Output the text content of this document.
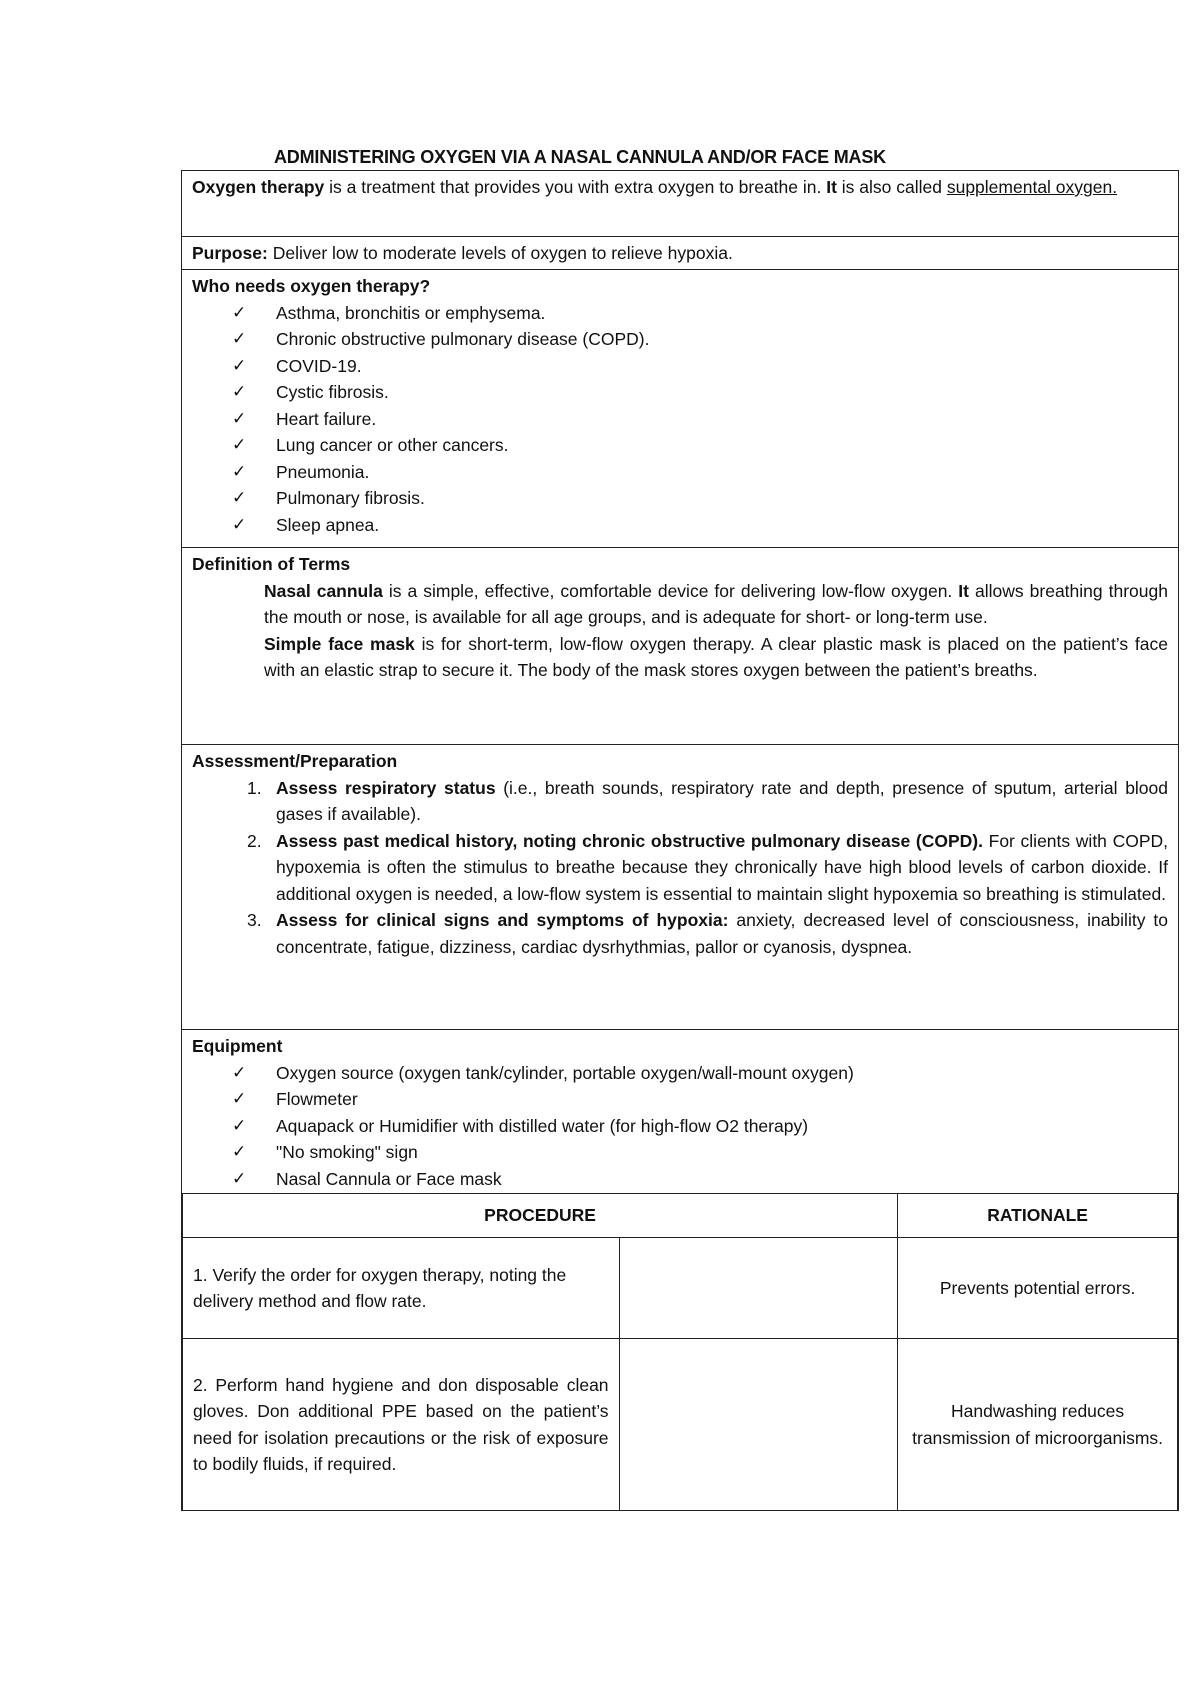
ADMINISTERING OXYGEN VIA A NASAL CANNULA AND/OR FACE MASK
Oxygen therapy is a treatment that provides you with extra oxygen to breathe in. It is also called supplemental oxygen.
Purpose: Deliver low to moderate levels of oxygen to relieve hypoxia.
Who needs oxygen therapy?
✓ Asthma, bronchitis or emphysema.
✓ Chronic obstructive pulmonary disease (COPD).
✓ COVID-19.
✓ Cystic fibrosis.
✓ Heart failure.
✓ Lung cancer or other cancers.
✓ Pneumonia.
✓ Pulmonary fibrosis.
✓ Sleep apnea.
Definition of Terms
Nasal cannula is a simple, effective, comfortable device for delivering low-flow oxygen. It allows breathing through the mouth or nose, is available for all age groups, and is adequate for short- or long-term use.
Simple face mask is for short-term, low-flow oxygen therapy. A clear plastic mask is placed on the patient’s face with an elastic strap to secure it. The body of the mask stores oxygen between the patient’s breaths.
Assessment/Preparation
1. Assess respiratory status (i.e., breath sounds, respiratory rate and depth, presence of sputum, arterial blood gases if available).
2. Assess past medical history, noting chronic obstructive pulmonary disease (COPD). For clients with COPD, hypoxemia is often the stimulus to breathe because they chronically have high blood levels of carbon dioxide. If additional oxygen is needed, a low-flow system is essential to maintain slight hypoxemia so breathing is stimulated.
3. Assess for clinical signs and symptoms of hypoxia: anxiety, decreased level of consciousness, inability to concentrate, fatigue, dizziness, cardiac dysrhythmias, pallor or cyanosis, dyspnea.
Equipment
✓ Oxygen source (oxygen tank/cylinder, portable oxygen/wall-mount oxygen)
✓ Flowmeter
✓ Aquapack or Humidifier with distilled water (for high-flow O2 therapy)
✓ "No smoking" sign
✓ Nasal Cannula or Face mask
PROCEDURE		RATIONALE
1. Verify the order for oxygen therapy, noting the delivery method and flow rate.		Prevents potential errors.
2. Perform hand hygiene and don disposable clean gloves. Don additional PPE based on the patient’s need for isolation precautions or the risk of exposure to bodily fluids, if required.		Handwashing reduces transmission of microorganisms.
